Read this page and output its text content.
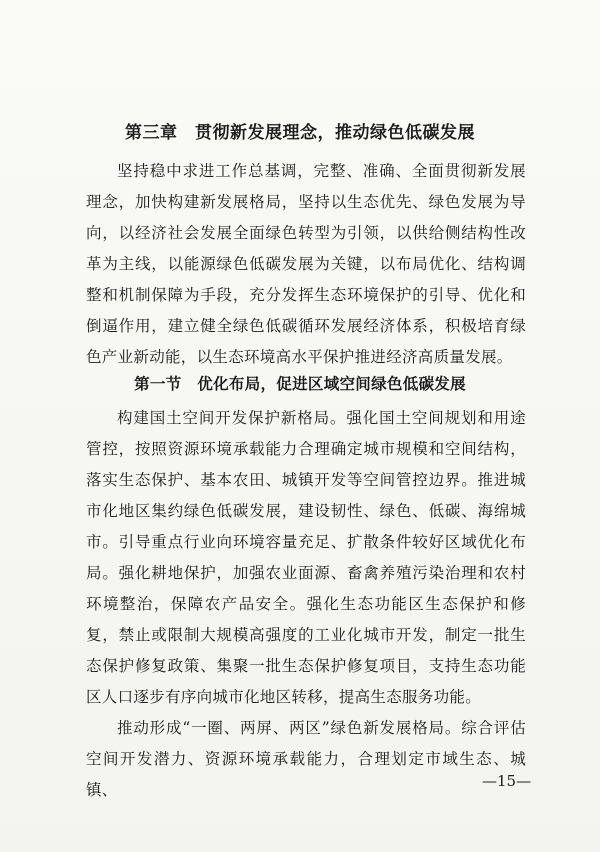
第三章　贯彻新发展理念，推动绿色低碳发展

坚持稳中求进工作总基调，完整、准确、全面贯彻新发展理念，加快构建新发展格局，坚持以生态优先、绿色发展为导向，以经济社会发展全面绿色转型为引领，以供给侧结构性改革为主线，以能源绿色低碳发展为关键，以布局优化、结构调整和机制保障为手段，充分发挥生态环境保护的引导、优化和倒逼作用，建立健全绿色低碳循环发展经济体系，积极培育绿色产业新动能，以生态环境高水平保护推进经济高质量发展。

第一节　优化布局，促进区域空间绿色低碳发展

构建国土空间开发保护新格局。强化国土空间规划和用途管控，按照资源环境承载能力合理确定城市规模和空间结构，落实生态保护、基本农田、城镇开发等空间管控边界。推进城市化地区集约绿色低碳发展，建设韧性、绿色、低碳、海绵城市。引导重点行业向环境容量充足、扩散条件较好区域优化布局。强化耕地保护，加强农业面源、畜禽养殖污染治理和农村环境整治，保障农产品安全。强化生态功能区生态保护和修复，禁止或限制大规模高强度的工业化城市开发，制定一批生态保护修复政策、集聚一批生态保护修复项目，支持生态功能区人口逐步有序向城市化地区转移，提高生态服务功能。

推动形成“一圈、两屏、两区”绿色新发展格局。综合评估空间开发潜力、资源环境承载能力，合理划定市域生态、城镇、	—15—
